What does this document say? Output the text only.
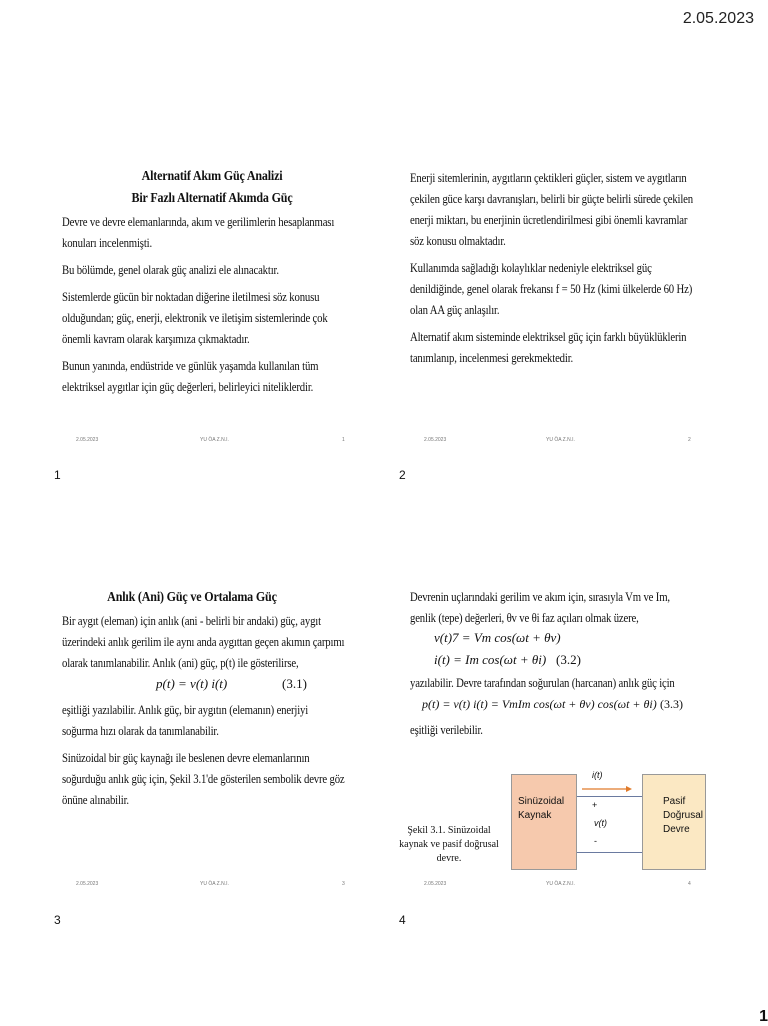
2.05.2023

Alternatif Akım Güç Analizi

Bir Fazlı Alternatif Akımda Güç

Devre ve devre elemanlarında, akım ve gerilimlerin hesaplanması konuları incelenmişti.

Bu bölümde, genel olarak güç analizi ele alınacaktır.

Sistemlerde gücün bir noktadan diğerine iletilmesi söz konusu olduğundan; güç, enerji, elektronik ve iletişim sistemlerinde çok önemli kavram olarak karşımıza çıkmaktadır.

Bunun yanında, endüstride ve günlük yaşamda kullanılan tüm elektriksel aygıtlar için güç değerleri, belirleyici niteliklerdir.

2.05.2023	YU ÖA Z.N.I.	1
1

Enerji sitemlerinin, aygıtların çektikleri güçler, sistem ve aygıtların çekilen güce karşı davranışları, belirli bir güçte belirli sürede çekilen enerji miktarı, bu enerjinin ücretlendirilmesi gibi önemli kavramlar söz konusu olmaktadır.

Kullanımda sağladığı kolaylıklar nedeniyle elektriksel güç denildiğinde, genel olarak frekansı f = 50 Hz (kimi ülkelerde 60 Hz) olan AA güç anlaşılır.

Alternatif akım sisteminde elektriksel güç için farklı büyüklüklerin tanımlanıp, incelenmesi gerekmektedir.

2.05.2023	YU ÖA Z.N.I.	2
2

Anlık (Ani) Güç ve Ortalama Güç

Bir aygıt (eleman) için anlık (ani - belirli bir andaki) güç, aygıt üzerindeki anlık gerilim ile aynı anda aygıttan geçen akımın çarpımı olarak tanımlanabilir. Anlık (ani) güç, p(t) ile gösterilirse,

p(t) = v(t) i(t)	(3.1)

eşitliği yazılabilir. Anlık güç, bir aygıtın (elemanın) enerjiyi soğurma hızı olarak da tanımlanabilir.

Sinüzoidal bir güç kaynağı ile beslenen devre elemanlarının soğurduğu anlık güç için, Şekil 3.1'de gösterilen sembolik devre göz önüne alınabilir.

2.05.2023	YU ÖA Z.N.I.	3
3

Devrenin uçlarındaki gerilim ve akım için, sırasıyla Vm ve Im, genlik (tepe) değerleri, θv ve θi faz açıları olmak üzere,

v(t)7 = Vm cos(ωt + θv)
i(t) = Im cos(ωt + θi) (3.2)

yazılabilir. Devre tarafından soğurulan (harcanan) anlık güç için

p(t) = v(t) i(t) = VmIm cos(ωt + θv) cos(ωt + θi) (3.3)

eşitliği verilebilir.

Sinüzoidal Kaynak
Pasif Doğrusal Devre
i(t)
+
v(t)
-
Şekil 3.1. Sinüzoidal kaynak ve pasif doğrusal devre.
2.05.2023	YU ÖA Z.N.I.	4
4
1
